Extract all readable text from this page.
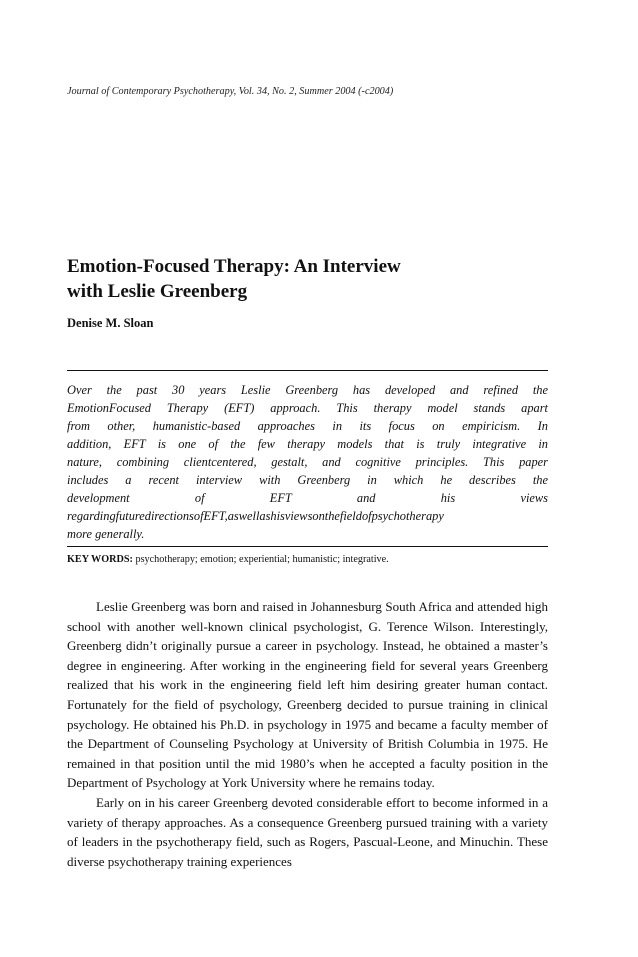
Journal of Contemporary Psychotherapy, Vol. 34, No. 2, Summer 2004 (-c2004)
Emotion-Focused Therapy: An Interview
with Leslie Greenberg
Denise M. Sloan
Over the past 30 years Leslie Greenberg has developed and refined the
EmotionFocused Therapy (EFT) approach. This therapy model stands apart
from other, humanistic-based approaches in its focus on empiricism. In
addition, EFT is one of the few therapy models that is truly integrative in
nature, combining clientcentered, gestalt, and cognitive principles. This paper
includes a recent interview with Greenberg in which he describes the
development of EFT and his views
regardingfuturedirectionsofEFT,aswellashisviewsonthefieldofpsychotherapy
more generally.
KEY WORDS: psychotherapy; emotion; experiential; humanistic; integrative.

Leslie Greenberg was born and raised in Johannesburg South Africa and attended high school with another well-known clinical psychologist, G. Terence Wilson. Interestingly, Greenberg didn’t originally pursue a career in psychology. Instead, he obtained a master’s degree in engineering. After working in the engineering field for several years Greenberg realized that his work in the engineering field left him desiring greater human contact. Fortunately for the field of psychology, Greenberg decided to pursue training in clinical psychology. He obtained his Ph.D. in psychology in 1975 and became a faculty member of the Department of Counseling Psychology at University of British Columbia in 1975. He remained in that position until the mid 1980’s when he accepted a faculty position in the Department of Psychology at York University where he remains today.

Early on in his career Greenberg devoted considerable effort to become informed in a variety of therapy approaches. As a consequence Greenberg pursued training with a variety of leaders in the psychotherapy field, such as Rogers, Pascual-Leone, and Minuchin. These diverse psychotherapy training experiences
